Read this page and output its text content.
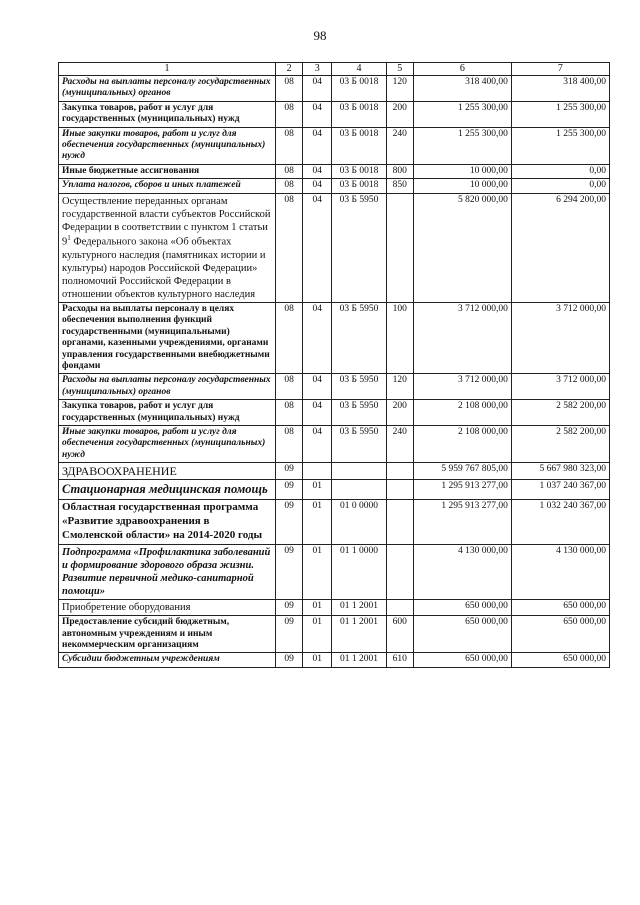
98
1	2	3	4	5	6	7
Расходы на выплаты персоналу государственных (муниципальных) органов	08	04	03 Б 0018	120	318 400,00	318 400,00
Закупка товаров, работ и услуг для государственных (муниципальных) нужд	08	04	03 Б 0018	200	1 255 300,00	1 255 300,00
Иные закупки товаров, работ и услуг для обеспечения государственных (муниципальных) нужд	08	04	03 Б 0018	240	1 255 300,00	1 255 300,00
Иные бюджетные ассигнования	08	04	03 Б 0018	800	10 000,00	0,00
Уплата налогов, сборов и иных платежей	08	04	03 Б 0018	850	10 000,00	0,00
Осуществление переданных органам государственной власти субъектов Российской Федерации в соответствии с пунктом 1 статьи $9^1$ Федерального закона «Об объектах культурного наследия (памятниках истории и культуры) народов Российской Федерации» полномочий Российской Федерации в отношении объектов культурного наследия	08	04	03 Б 5950		5 820 000,00	6 294 200,00
Расходы на выплаты персоналу в целях обеспечения выполнения функций государственными (муниципальными) органами, казенными учреждениями, органами управления государственными внебюджетными фондами	08	04	03 Б 5950	100	3 712 000,00	3 712 000,00
Расходы на выплаты персоналу государственных (муниципальных) органов	08	04	03 Б 5950	120	3 712 000,00	3 712 000,00
Закупка товаров, работ и услуг для государственных (муниципальных) нужд	08	04	03 Б 5950	200	2 108 000,00	2 582 200,00
Иные закупки товаров, работ и услуг для обеспечения государственных (муниципальных) нужд	08	04	03 Б 5950	240	2 108 000,00	2 582 200,00
ЗДРАВООХРАНЕНИЕ	09				5 959 767 805,00	5 667 980 323,00
Стационарная медицинская помощь	09	01			1 295 913 277,00	1 037 240 367,00
Областная государственная программа «Развитие здравоохранения в Смоленской области» на 2014-2020 годы	09	01	01 0 0000		1 295 913 277,00	1 032 240 367,00
Подпрограмма «Профилактика заболеваний и формирование здорового образа жизни. Развитие первичной медико-санитарной помощи»	09	01	01 1 0000		4 130 000,00	4 130 000,00
Приобретение оборудования	09	01	01 1 2001		650 000,00	650 000,00
Предоставление субсидий бюджетным, автономным учреждениям и иным некоммерческим организациям	09	01	01 1 2001	600	650 000,00	650 000,00
Субсидии бюджетным учреждениям	09	01	01 1 2001	610	650 000,00	650 000,00
